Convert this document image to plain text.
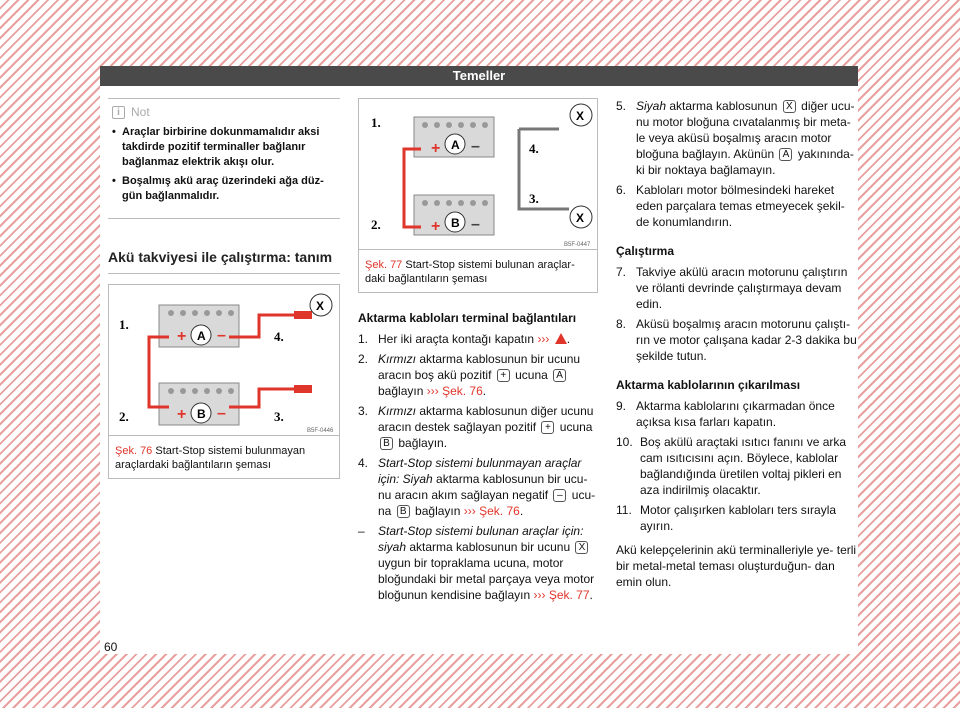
Temeller
i Not
• Araçlar birbirine dokunmamalıdır aksi takdirde pozitif terminaller bağlanır bağlanmaz elektrik akışı olur.
• Boşalmış akü araç üzerindeki ağa düz- gün bağlanmalıdır.
Akü takviyesi ile çalıştırma: tanım
+
+
–
–
A
B
X
1.
2.	3.
4.
B5F-0446
Şek. 76 Start-Stop sistemi bulunmayan araçlardaki bağlantıların şeması
+
+
–
–
A
B
X
X
1.
2.
3.
4.
B5F-0447
Şek. 77 Start-Stop sistemi bulunan araçlar- daki bağlantıların şeması
Aktarma kabloları terminal bağlantıları
1. Her iki araçta kontağı kapatın ››› .
2. Kırmızı aktarma kablosunun bir ucunu aracın boş akü pozitif + ucuna A bağlayın ››› Şek. 76.
3. Kırmızı aktarma kablosunun diğer ucunu aracın destek sağlayan pozitif + ucuna B bağlayın.
4. Start-Stop sistemi bulunmayan araçlar için: Siyah aktarma kablosunun bir ucu- nu aracın akım sağlayan negatif – ucu- na B bağlayın ››› Şek. 76.
– Start-Stop sistemi bulunan araçlar için: siyah aktarma kablosunun bir ucunu X uygun bir topraklama ucuna, motor bloğundaki bir metal parçaya veya motor bloğunun kendisine bağlayın ››› Şek. 77.
5. Siyah aktarma kablosunun X diğer ucu- nu motor bloğuna cıvatalanmış bir meta- le veya aküsü boşalmış aracın motor bloğuna bağlayın. Akünün A yakınında- ki bir noktaya bağlamayın.
6. Kabloları motor bölmesindeki hareket eden parçalara temas etmeyecek şekil- de konumlandırın.
Çalıştırma
7. Takviye akülü aracın motorunu çalıştırın ve rölanti devrinde çalıştırmaya devam edin.
8. Aküsü boşalmış aracın motorunu çalıştı- rın ve motor çalışana kadar 2-3 dakika bu şekilde tutun.
Aktarma kablolarının çıkarılması
9. Aktarma kablolarını çıkarmadan önce açıksa kısa farları kapatın.
10. Boş akülü araçtaki ısıtıcı fanını ve arka cam ısıtıcısını açın. Böylece, kablolar bağlandığında üretilen voltaj pikleri en aza indirilmiş olacaktır.
11. Motor çalışırken kabloları ters sırayla ayırın.
Akü kelepçelerinin akü terminalleriyle ye- terli bir metal-metal teması oluşturduğun- dan emin olun.
60
